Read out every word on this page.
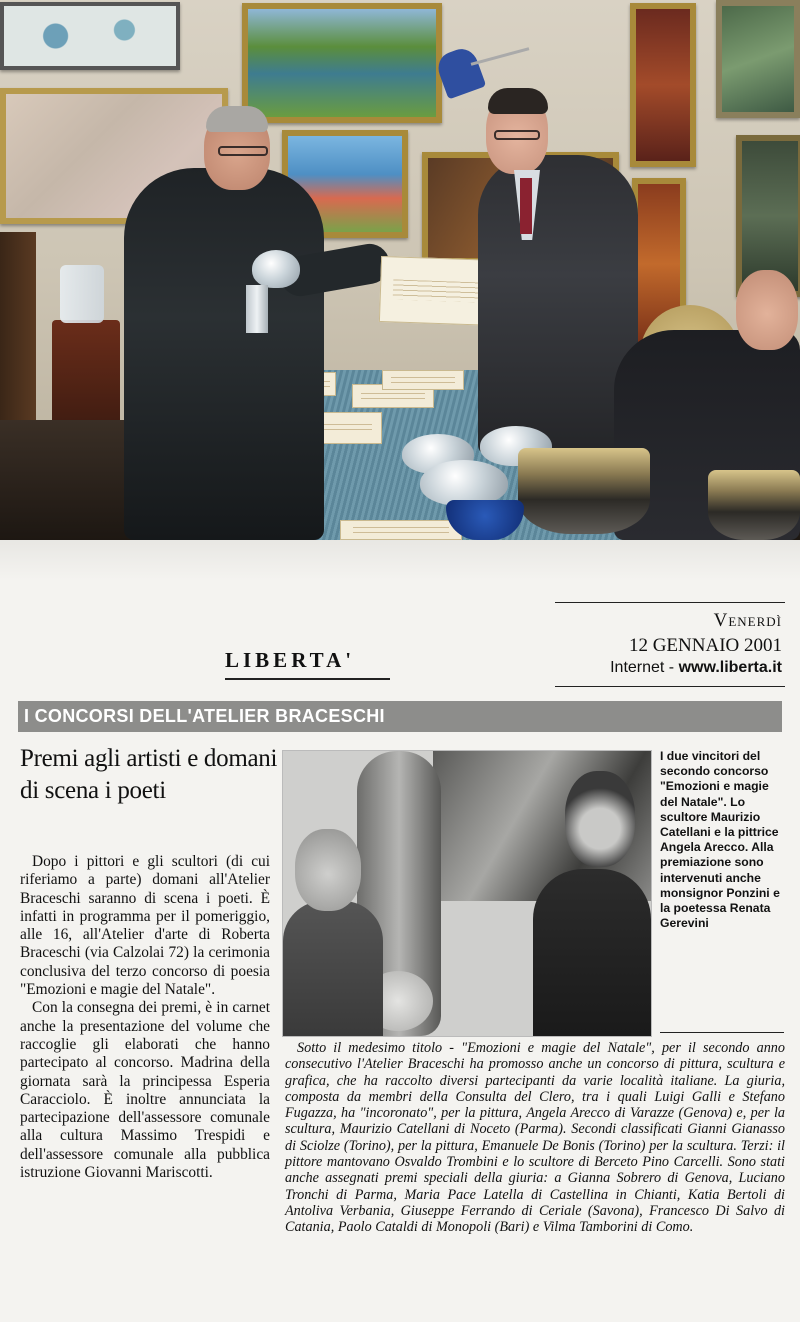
Venerdì
12 GENNAIO 2001
Internet - www.liberta.it
LIBERTA'
I CONCORSI DELL'ATELIER BRACESCHI
Premi agli artisti e domani di scena i poeti

Dopo i pittori e gli scultori (di cui riferiamo a parte) domani all'Atelier Braceschi saranno di scena i poeti. È infatti in programma per il pomeriggio, alle 16, all'Atelier d'arte di Roberta Braceschi (via Calzolai 72) la cerimonia conclusiva del terzo concorso di poesia "Emozioni e magie del Natale".

Con la consegna dei premi, è in carnet anche la presentazione del volume che raccoglie gli elaborati che hanno partecipato al concorso. Madrina della giornata sarà la principessa Esperia Caracciolo. È inoltre annunciata la partecipazione dell'assessore comunale alla cultura Massimo Trespidi e dell'assessore comunale alla pubblica istruzione Giovanni Mariscotti.

I due vincitori del secondo concorso "Emozioni e magie del Natale". Lo scultore Maurizio Catellani e la pittrice Angela Arecco. Alla premiazione sono intervenuti anche monsignor Ponzini e la poetessa Renata Gerevini
Sotto il medesimo titolo - "Emozioni e magie del Natale", per il secondo anno consecutivo l'Atelier Braceschi ha promosso anche un concorso di pittura, scultura e grafica, che ha raccolto diversi partecipanti da varie località italiane. La giuria, composta da membri della Consulta del Clero, tra i quali Luigi Galli e Stefano Fugazza, ha "incoronato", per la pittura, Angela Arecco di Varazze (Genova) e, per la scultura, Maurizio Catellani di Noceto (Parma). Secondi classificati Gianni Gianasso di Sciolze (Torino), per la pittura, Emanuele De Bonis (Torino) per la scultura. Terzi: il pittore mantovano Osvaldo Trombini e lo scultore di Berceto Pino Carcelli. Sono stati anche assegnati premi speciali della giuria: a Gianna Sobrero di Genova, Luciano Tronchi di Parma, Maria Pace Latella di Castellina in Chianti, Katia Bertoli di Antoliva Verbania, Giuseppe Ferrando di Ceriale (Savona), Francesco Di Salvo di Catania, Paolo Cataldi di Monopoli (Bari) e Vilma Tamborini di Como.
